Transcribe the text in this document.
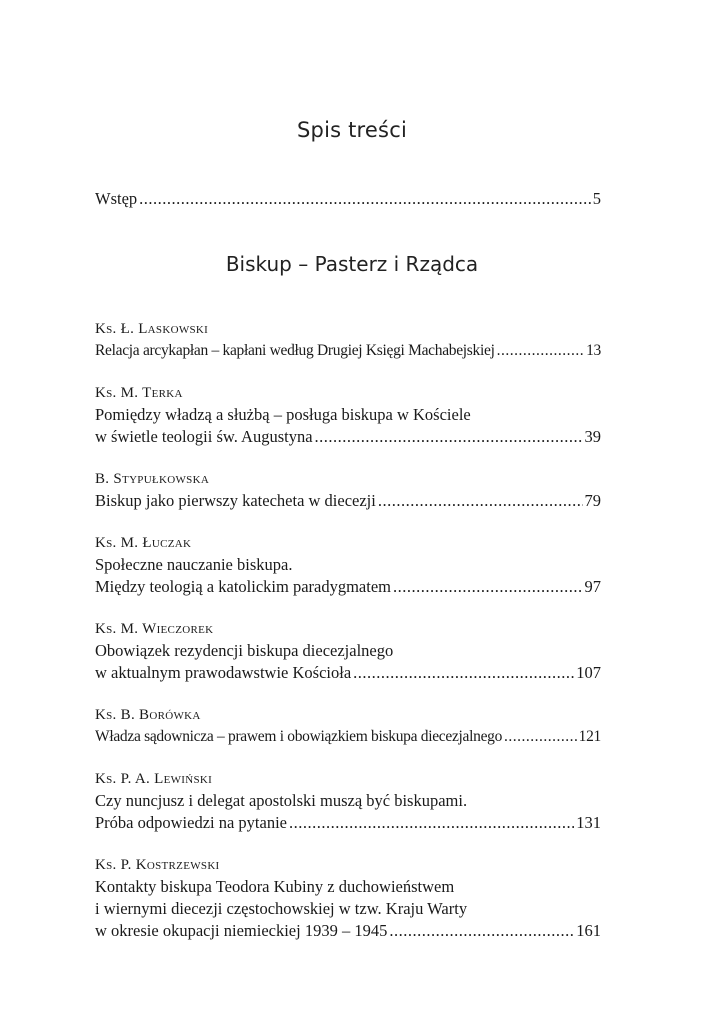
Spis treści
Wstęp .....	5
Biskup – Pasterz i Rządca
Ks. Ł. Laskowski
Relacja arcykapłan – kapłani według Drugiej Księgi Machabejskiej .....	13
Ks. M. Terka
Pomiędzy władzą a służbą – posługa biskupa w Kościele
w świetle teologii św. Augustyna .....	39
B. Stypułkowska
Biskup jako pierwszy katecheta w diecezji .....	79
Ks. M. Łuczak
Społeczne nauczanie biskupa.
Między teologią a katolickim paradygmatem .....	97
Ks. M. Wieczorek
Obowiązek rezydencji biskupa diecezjalnego
w aktualnym prawodawstwie Kościoła .....	107
Ks. B. Borówka
Władza sądownicza – prawem i obowiązkiem biskupa diecezjalnego .....	121
Ks. P. A. Lewiński
Czy nuncjusz i delegat apostolski muszą być biskupami.
Próba odpowiedzi na pytanie .....	131
Ks. P. Kostrzewski
Kontakty biskupa Teodora Kubiny z duchowieństwem
i wiernymi diecezji częstochowskiej w tzw. Kraju Warty
w okresie okupacji niemieckiej 1939 – 1945 .....	161
